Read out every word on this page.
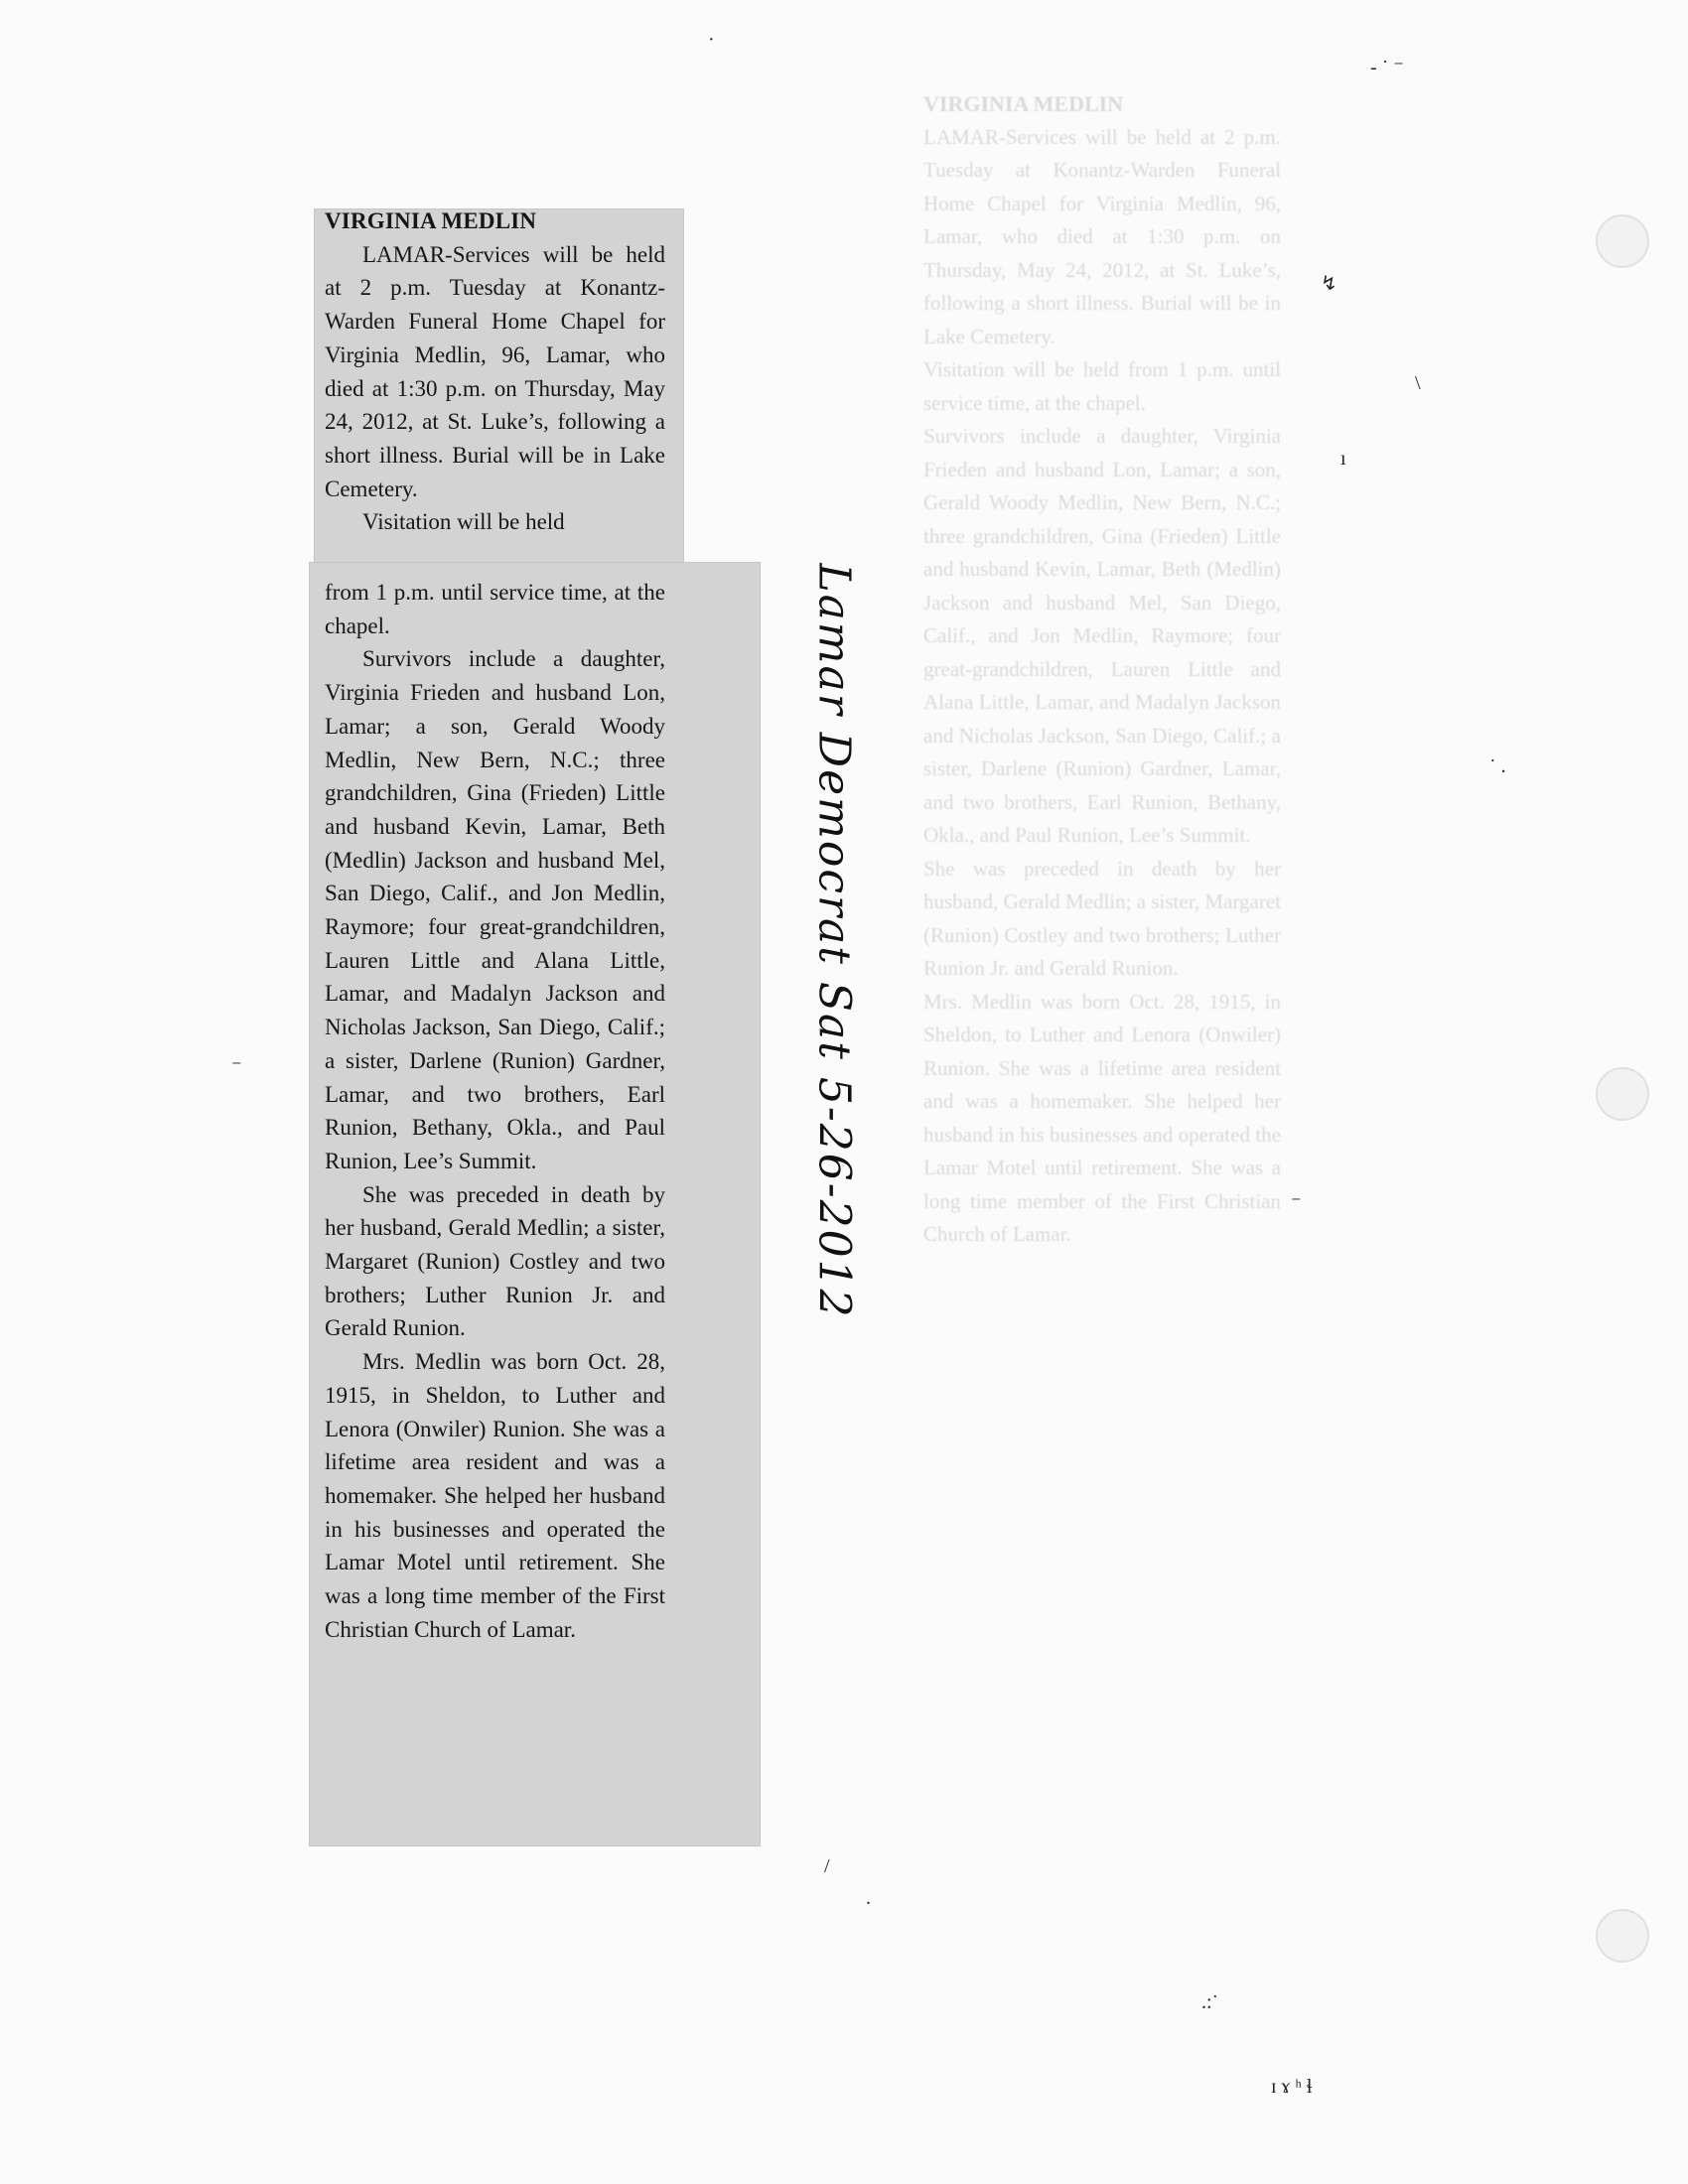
VIRGINIA MEDLIN

LAMAR-Services will be held at 2 p.m. Tuesday at Konantz-Warden Funeral Home Chapel for Virginia Medlin, 96, Lamar, who died at 1:30 p.m. on Thursday, May 24, 2012, at St. Luke’s, following a short illness. Burial will be in Lake Cemetery.

Visitation will be held from 1 p.m. until service time, at the chapel.

Survivors include a daughter, Virginia Frieden and husband Lon, Lamar; a son, Gerald Woody Medlin, New Bern, N.C.; three grandchildren, Gina (Frieden) Little and husband Kevin, Lamar, Beth (Medlin) Jackson and husband Mel, San Diego, Calif., and Jon Medlin, Raymore; four great-grandchildren, Lauren Little and Alana Little, Lamar, and Madalyn Jackson and Nicholas Jackson, San Diego, Calif.; a sister, Darlene (Runion) Gardner, Lamar, and two brothers, Earl Runion, Bethany, Okla., and Paul Runion, Lee’s Summit.

She was preceded in death by her husband, Gerald Medlin; a sister, Margaret (Runion) Costley and two brothers; Luther Runion Jr. and Gerald Runion.

Mrs. Medlin was born Oct. 28, 1915, in Sheldon, to Luther and Lenora (Onwiler) Runion. She was a lifetime area resident and was a homemaker. She helped her husband in his businesses and operated the Lamar Motel until retirement. She was a long time member of the First Christian Church of Lamar.

VIRGINIA MEDLIN

LAMAR-Services will be held at 2 p.m. Tuesday at Konantz-Warden Funeral Home Chapel for Virginia Medlin, 96, Lamar, who died at 1:30 p.m. on Thursday, May 24, 2012, at St. Luke’s, following a short illness. Burial will be in Lake Cemetery.

Visitation will be held

from 1 p.m. until service time, at the chapel.

Survivors include a daughter, Virginia Frieden and husband Lon, Lamar; a son, Gerald Woody Medlin, New Bern, N.C.; three grandchildren, Gina (Frieden) Little and husband Kevin, Lamar, Beth (Medlin) Jackson and husband Mel, San Diego, Calif., and Jon Medlin, Raymore; four great-grandchildren, Lauren Little and Alana Little, Lamar, and Madalyn Jackson and Nicholas Jackson, San Diego, Calif.; a sister, Darlene (Runion) Gardner, Lamar, and two brothers, Earl Runion, Bethany, Okla., and Paul Runion, Lee’s Summit.

She was preceded in death by her husband, Gerald Medlin; a sister, Margaret (Runion) Costley and two brothers; Luther Runion Jr. and Gerald Runion.

Mrs. Medlin was born Oct. 28, 1915, in Sheldon, to Luther and Lenora (Onwiler) Runion. She was a lifetime area resident and was a homemaker. She helped her husband in his businesses and operated the Lamar Motel until retirement. She was a long time member of the First Christian Church of Lamar.

Lamar Democrat Sat 5-26-2012
·
- ˙ ⁻
↯
\
ı
˙ .
⁻
⁻
/
.
.:˙
ɪ ɤ ʰ ɬ
